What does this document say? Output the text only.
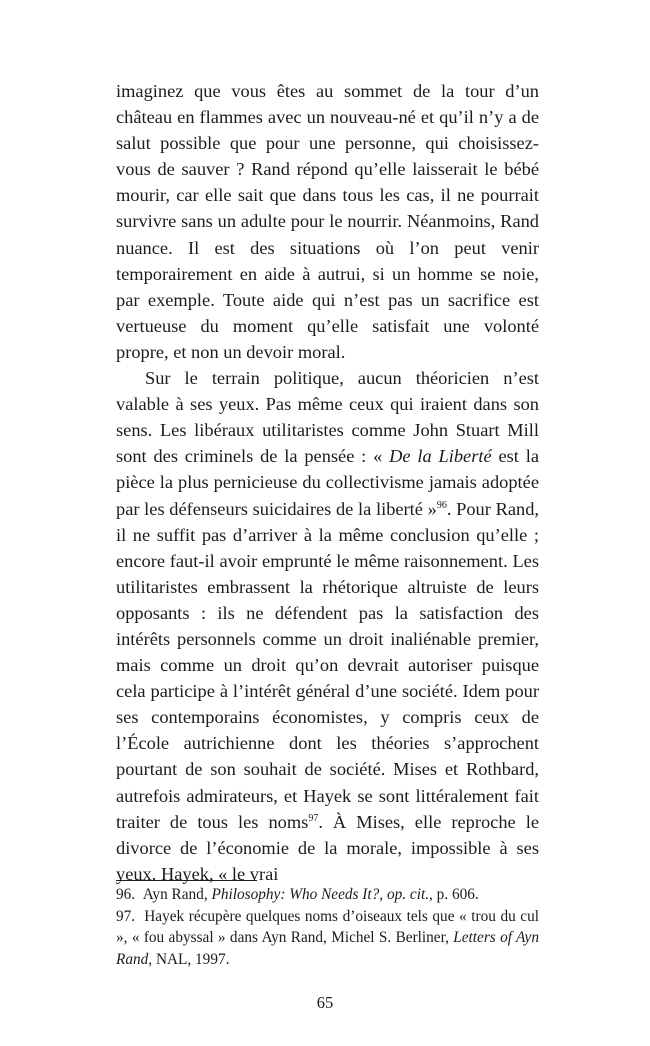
imaginez que vous êtes au sommet de la tour d’un château en flammes avec un nouveau-né et qu’il n’y a de salut possible que pour une personne, qui choisissez-vous de sauver ? Rand répond qu’elle laisserait le bébé mourir, car elle sait que dans tous les cas, il ne pourrait survivre sans un adulte pour le nourrir. Néanmoins, Rand nuance. Il est des situations où l’on peut venir temporairement en aide à autrui, si un homme se noie, par exemple. Toute aide qui n’est pas un sacrifice est vertueuse du moment qu’elle satisfait une volonté propre, et non un devoir moral.

Sur le terrain politique, aucun théoricien n’est valable à ses yeux. Pas même ceux qui iraient dans son sens. Les libéraux utilitaristes comme John Stuart Mill sont des criminels de la pensée : « De la Liberté est la pièce la plus pernicieuse du collectivisme jamais adoptée par les défenseurs suicidaires de la liberté »$^{96}$. Pour Rand, il ne suffit pas d’arriver à la même conclusion qu’elle ; encore faut-il avoir emprunté le même raisonnement. Les utilitaristes embrassent la rhétorique altruiste de leurs opposants : ils ne défendent pas la satisfaction des intérêts personnels comme un droit inaliénable premier, mais comme un droit qu’on devrait autoriser puisque cela participe à l’intérêt général d’une société. Idem pour ses contemporains économistes, y compris ceux de l’École autrichienne dont les théories s’approchent pourtant de son souhait de société. Mises et Rothbard, autrefois admirateurs, et Hayek se sont littéralement fait traiter de tous les noms$^{97}$. À Mises, elle reproche le divorce de l’économie de la morale, impossible à ses yeux. Hayek, « le vrai

96. Ayn Rand, Philosophy: Who Needs It?, op. cit., p. 606.

97. Hayek récupère quelques noms d’oiseaux tels que « trou du cul », « fou abyssal » dans Ayn Rand, Michel S. Berliner, Letters of Ayn Rand, NAL, 1997.

65
